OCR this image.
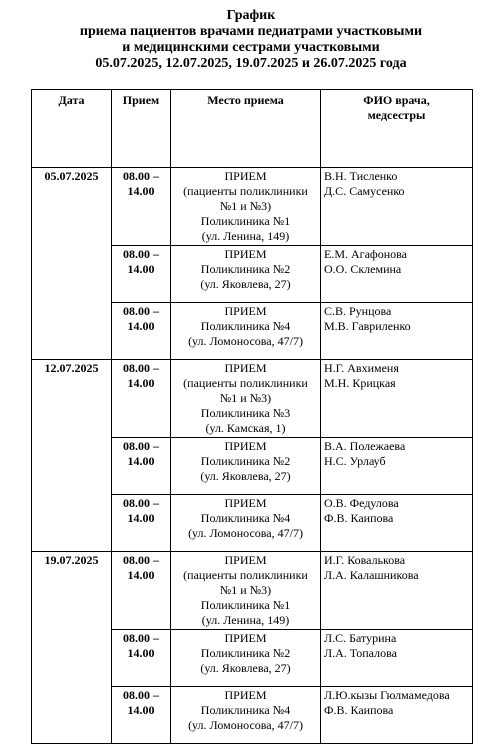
График
приема пациентов врачами педиатрами участковыми
и медицинскими сестрами участковыми
05.07.2025, 12.07.2025, 19.07.2025 и 26.07.2025 года
Дата	Прием	Место приема	ФИО врача,
медсестры
05.07.2025	08.00 –
14.00	ПРИЕМ
(пациенты поликлиники
№1 и №3)
Поликлиника №1
(ул. Ленина, 149)	В.Н. Тисленко
Д.С. Самусенко
	08.00 –
14.00	ПРИЕМ
Поликлиника №2
(ул. Яковлева, 27)	Е.М. Агафонова
О.О. Склемина
	08.00 –
14.00	ПРИЕМ
Поликлиника №4
(ул. Ломоносова, 47/7)	С.В. Рунцова
М.В. Гавриленко
12.07.2025	08.00 –
14.00	ПРИЕМ
(пациенты поликлиники
№1 и №3)
Поликлиника №3
(ул. Камская, 1)	Н.Г. Авхименя
М.Н. Крицкая
	08.00 –
14.00	ПРИЕМ
Поликлиника №2
(ул. Яковлева, 27)	В.А. Полежаева
Н.С. Урлауб
	08.00 –
14.00	ПРИЕМ
Поликлиника №4
(ул. Ломоносова, 47/7)	О.В. Федулова
Ф.В. Каипова
19.07.2025	08.00 –
14.00	ПРИЕМ
(пациенты поликлиники
№1 и №3)
Поликлиника №1
(ул. Ленина, 149)	И.Г. Ковалькова
Л.А. Калашникова
	08.00 –
14.00	ПРИЕМ
Поликлиника №2
(ул. Яковлева, 27)	Л.С. Батурина
Л.А. Топалова
	08.00 –
14.00	ПРИЕМ
Поликлиника №4
(ул. Ломоносова, 47/7)	Л.Ю.кызы Гюлмамедова
Ф.В. Каипова
